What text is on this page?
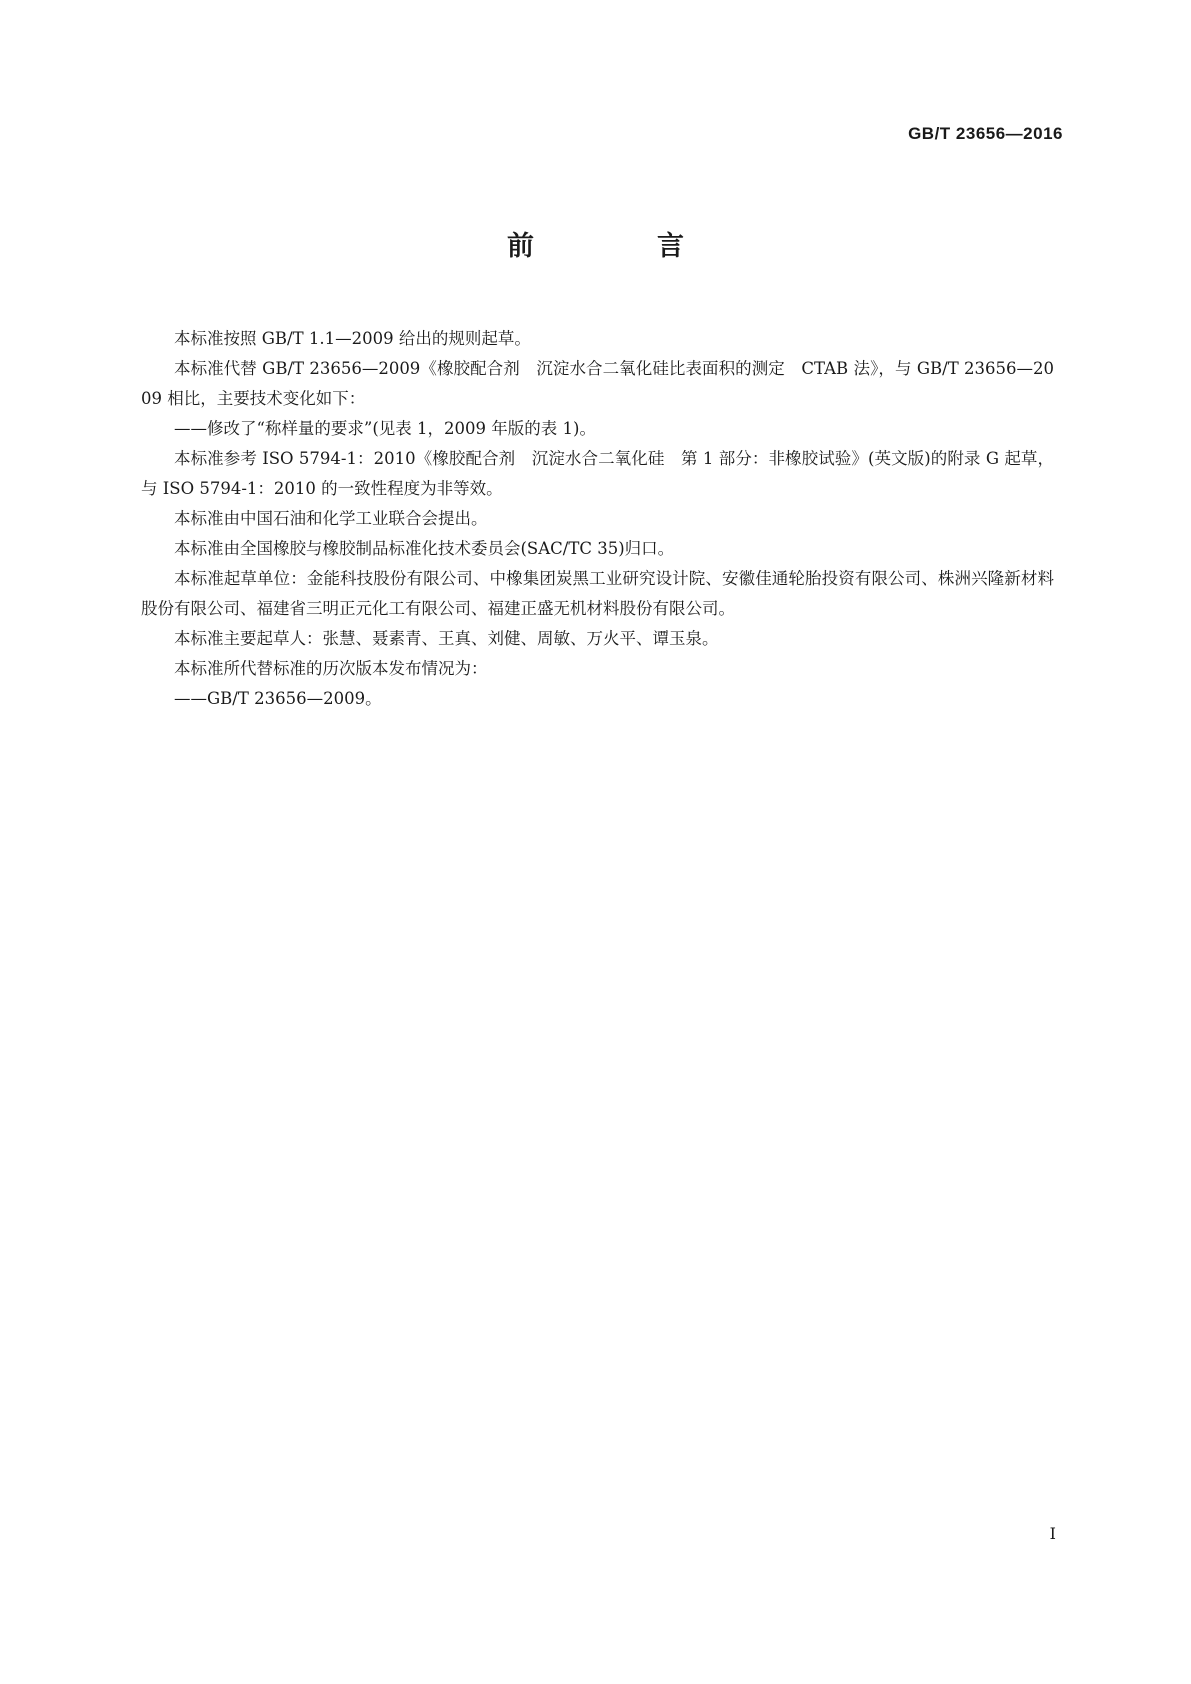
GB/T 23656—2016
前　言

本标准按照 GB/T 1.1—2009 给出的规则起草。

本标准代替 GB/T 23656—2009《橡胶配合剂　沉淀水合二氧化硅比表面积的测定　CTAB 法》，与 GB/T 23656—2009 相比，主要技术变化如下：

——修改了“称样量的要求”(见表 1，2009 年版的表 1)。

本标准参考 ISO 5794-1：2010《橡胶配合剂　沉淀水合二氧化硅　第 1 部分：非橡胶试验》(英文版)的附录 G 起草，与 ISO 5794-1：2010 的一致性程度为非等效。

本标准由中国石油和化学工业联合会提出。

本标准由全国橡胶与橡胶制品标准化技术委员会(SAC/TC 35)归口。

本标准起草单位：金能科技股份有限公司、中橡集团炭黑工业研究设计院、安徽佳通轮胎投资有限公司、株洲兴隆新材料股份有限公司、福建省三明正元化工有限公司、福建正盛无机材料股份有限公司。

本标准主要起草人：张慧、聂素青、王真、刘健、周敏、万火平、谭玉泉。

本标准所代替标准的历次版本发布情况为：

——GB/T 23656—2009。

I
